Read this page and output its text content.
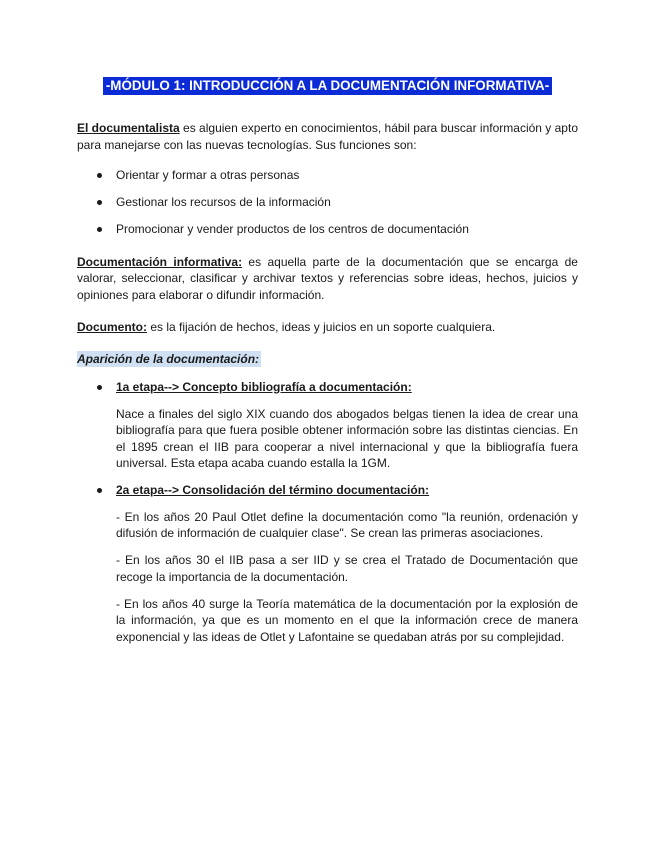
-MÓDULO 1: INTRODUCCIÓN A LA DOCUMENTACIÓN INFORMATIVA-

El documentalista es alguien experto en conocimientos, hábil para buscar información y apto para manejarse con las nuevas tecnologías. Sus funciones son:

Orientar y formar a otras personas
Gestionar los recursos de la información
Promocionar y vender productos de los centros de documentación

Documentación informativa: es aquella parte de la documentación que se encarga de valorar, seleccionar, clasificar y archivar textos y referencias sobre ideas, hechos, juicios y opiniones para elaborar o difundir información.

Documento: es la fijación de hechos, ideas y juicios en un soporte cualquiera.

Aparición de la documentación:
1a etapa--> Concepto bibliografía a documentación:

Nace a finales del siglo XIX cuando dos abogados belgas tienen la idea de crear una bibliografía para que fuera posible obtener información sobre las distintas ciencias. En el 1895 crean el IIB para cooperar a nivel internacional y que la bibliografía fuera universal. Esta etapa acaba cuando estalla la 1GM.

2a etapa--> Consolidación del término documentación:

- En los años 20 Paul Otlet define la documentación como "la reunión, ordenación y difusión de información de cualquier clase". Se crean las primeras asociaciones.

- En los años 30 el IIB pasa a ser IID y se crea el Tratado de Documentación que recoge la importancia de la documentación.

- En los años 40 surge la Teoría matemática de la documentación por la explosión de la información, ya que es un momento en el que la información crece de manera exponencial y las ideas de Otlet y Lafontaine se quedaban atrás por su complejidad.
